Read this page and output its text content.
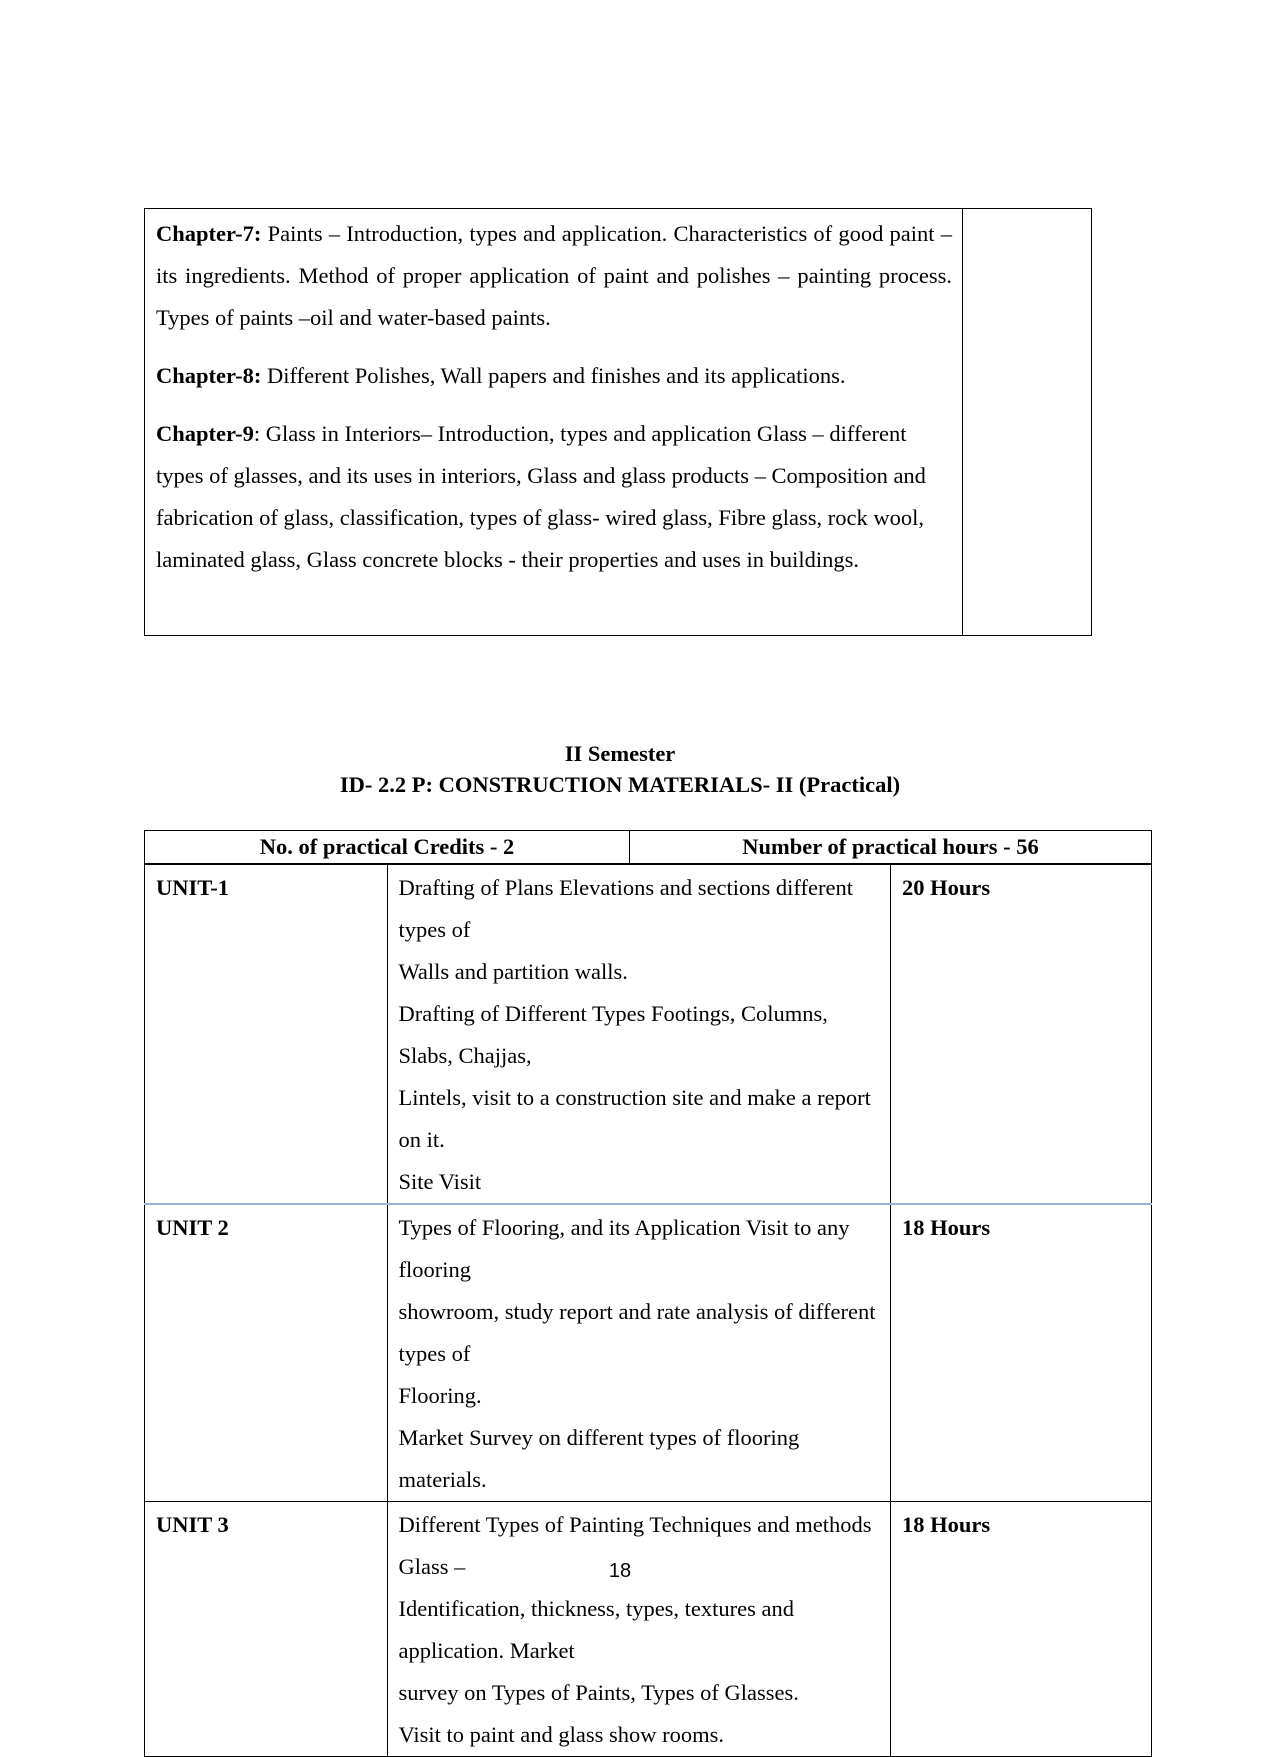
Chapter-7: Paints – Introduction, types and application. Characteristics of good paint – its ingredients. Method of proper application of paint and polishes – painting process. Types of paints –oil and water-based paints.

Chapter-8: Different Polishes, Wall papers and finishes and its applications.

Chapter-9: Glass in Interiors– Introduction, types and application Glass – different types of glasses, and its uses in interiors, Glass and glass products – Composition and fabrication of glass, classification, types of glass- wired glass, Fibre glass, rock wool, laminated glass, Glass concrete blocks - their properties and uses in buildings.

II Semester
ID- 2.2 P: CONSTRUCTION MATERIALS- II (Practical)
No. of practical Credits - 2		Number of practical hours - 56	

UNIT-1	Drafting of Plans Elevations and sections different types of
Walls and partition walls.
Drafting of Different Types Footings, Columns, Slabs, Chajjas,
Lintels, visit to a construction site and make a report on it.
Site Visit		20 Hours
UNIT 2	Types of Flooring, and its Application Visit to any flooring
showroom, study report and rate analysis of different types of
Flooring.
Market Survey on different types of flooring materials.		18 Hours
UNIT 3	Different Types of Painting Techniques and methods Glass –
Identification, thickness, types, textures and application. Market
survey on Types of Paints, Types of Glasses.
Visit to paint and glass show rooms.		18 Hours
18
